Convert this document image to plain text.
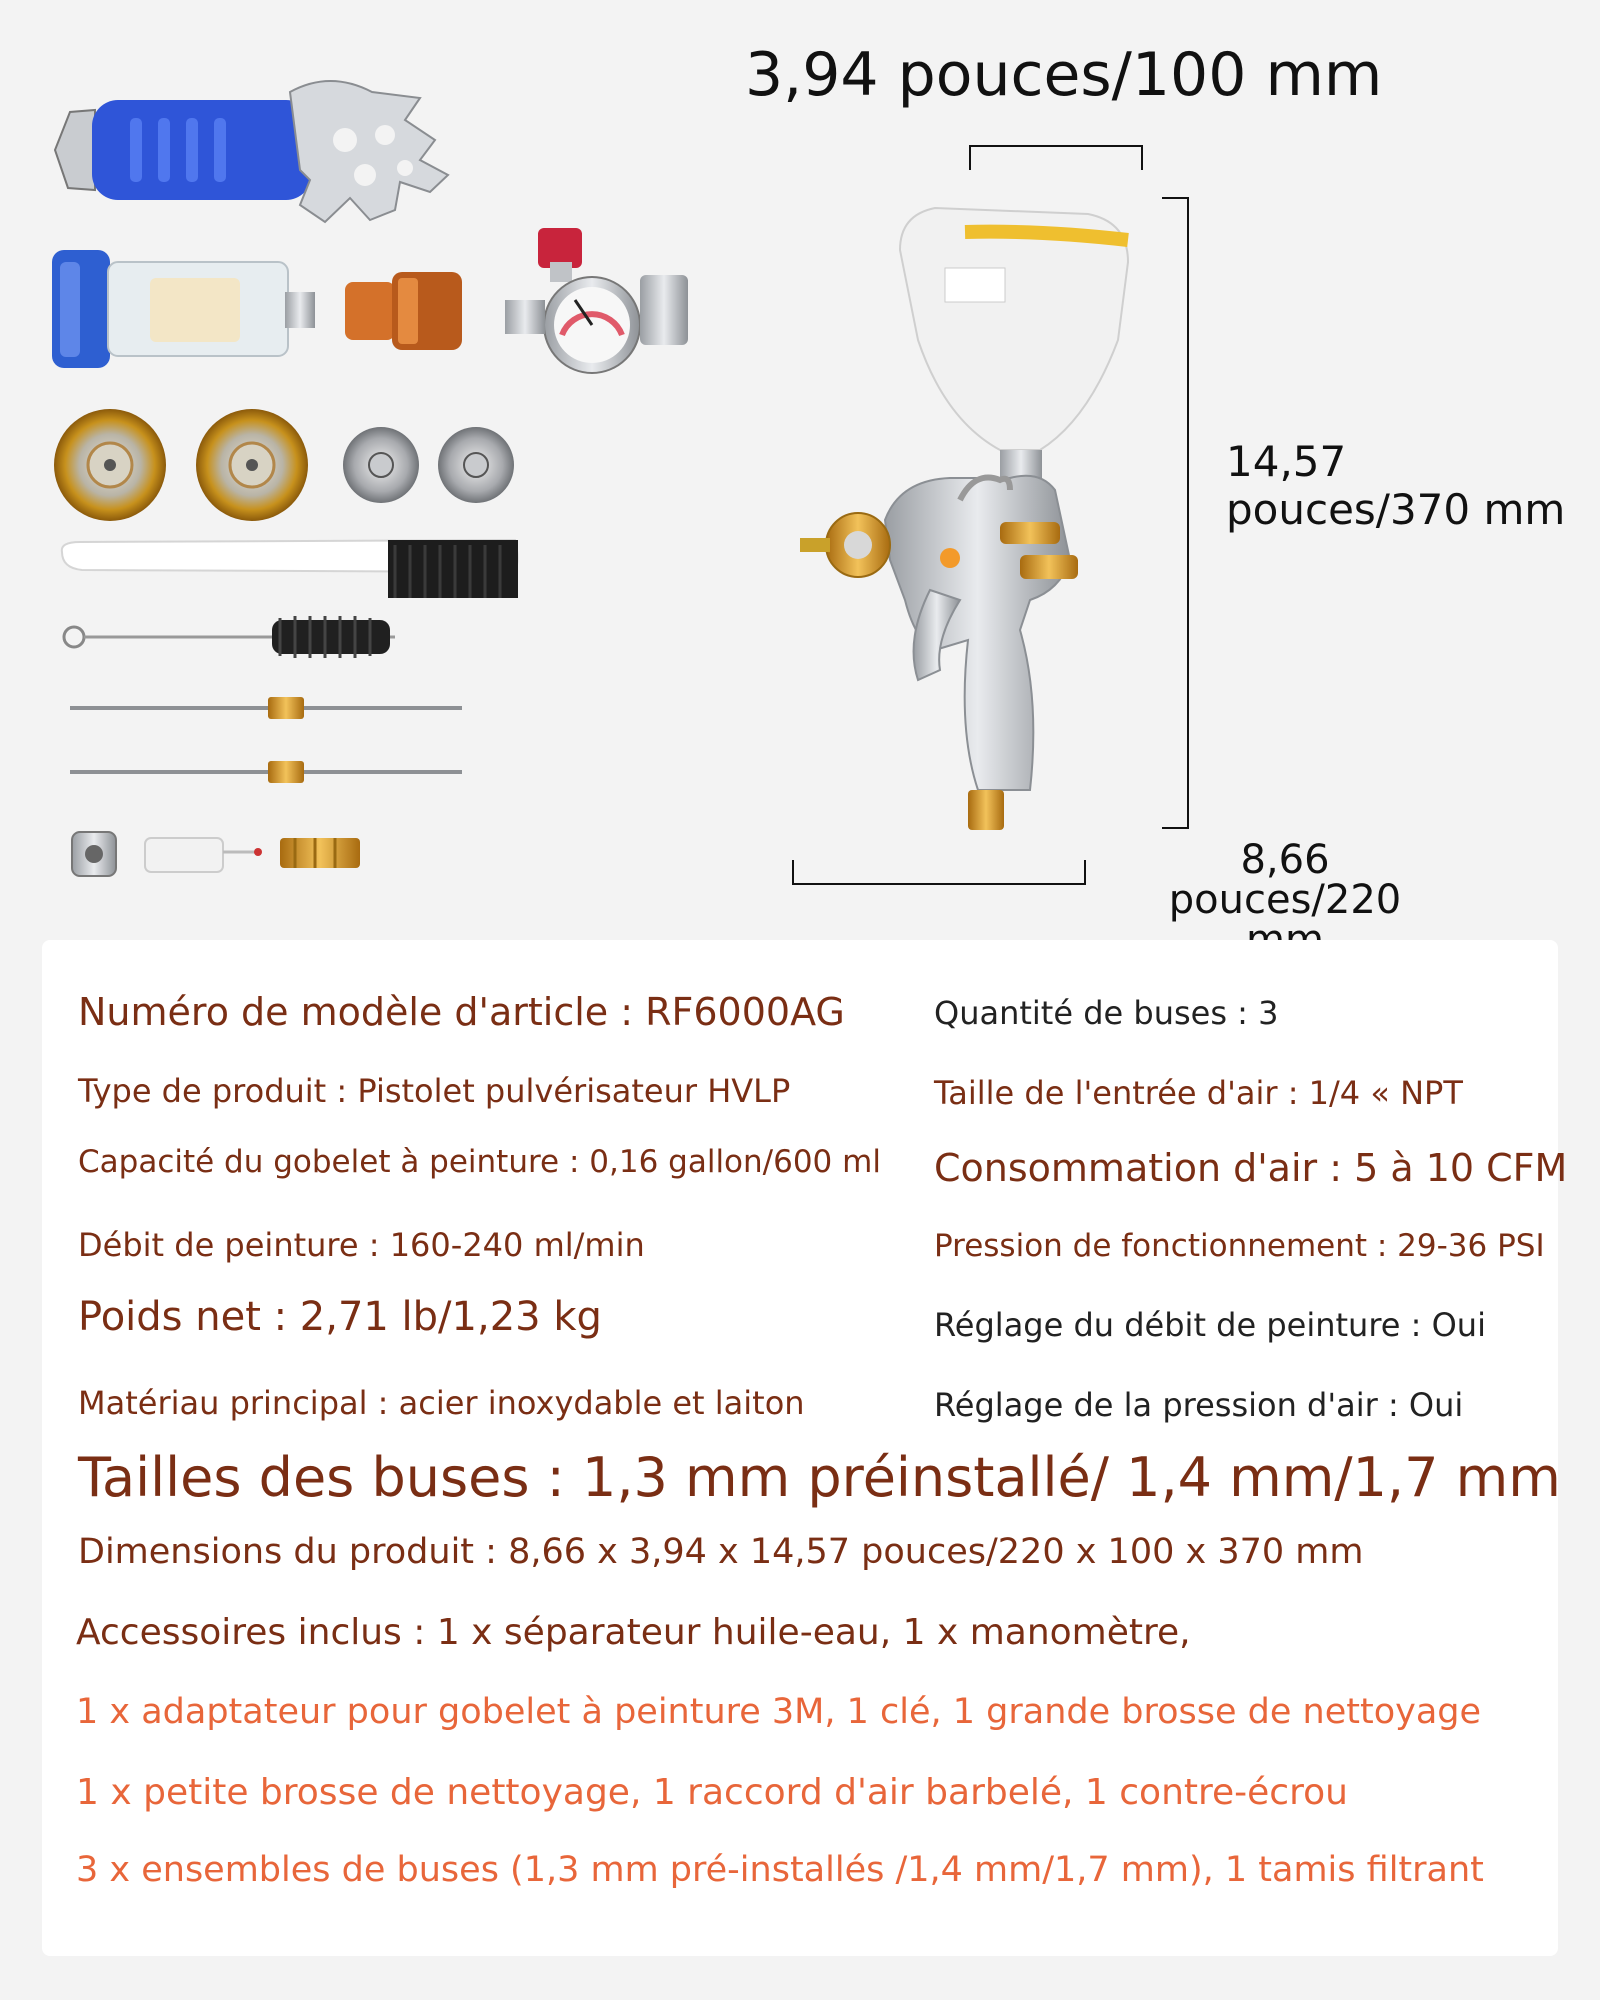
3,94 pouces/100 mm
14,57
pouces/370 mm
8,66
pouces/220
Numéro de modèle d'article : RF6000AG
Type de produit : Pistolet pulvérisateur HVLP
Capacité du gobelet à peinture : 0,16 gallon/600 ml
Débit de peinture : 160-240 ml/min
Poids net : 2,71 lb/1,23 kg
Matériau principal : acier inoxydable et laiton
Quantité de buses : 3
Taille de l'entrée d'air : 1/4 « NPT
Consommation d'air : 5 à 10 CFM
Pression de fonctionnement : 29-36 PSI
Réglage du débit de peinture : Oui
Réglage de la pression d'air : Oui
Tailles des buses : 1,3 mm préinstallé/ 1,4 mm/1,7 mm
Dimensions du produit : 8,66 x 3,94 x 14,57 pouces/220 x 100 x 370 mm
Accessoires inclus : 1 x séparateur huile-eau, 1 x manomètre,
1 x adaptateur pour gobelet à peinture 3M, 1 clé, 1 grande brosse de nettoyage
1 x petite brosse de nettoyage, 1 raccord d'air barbelé, 1 contre-écrou
3 x ensembles de buses (1,3 mm pré-installés /1,4 mm/1,7 mm), 1 tamis filtrant
